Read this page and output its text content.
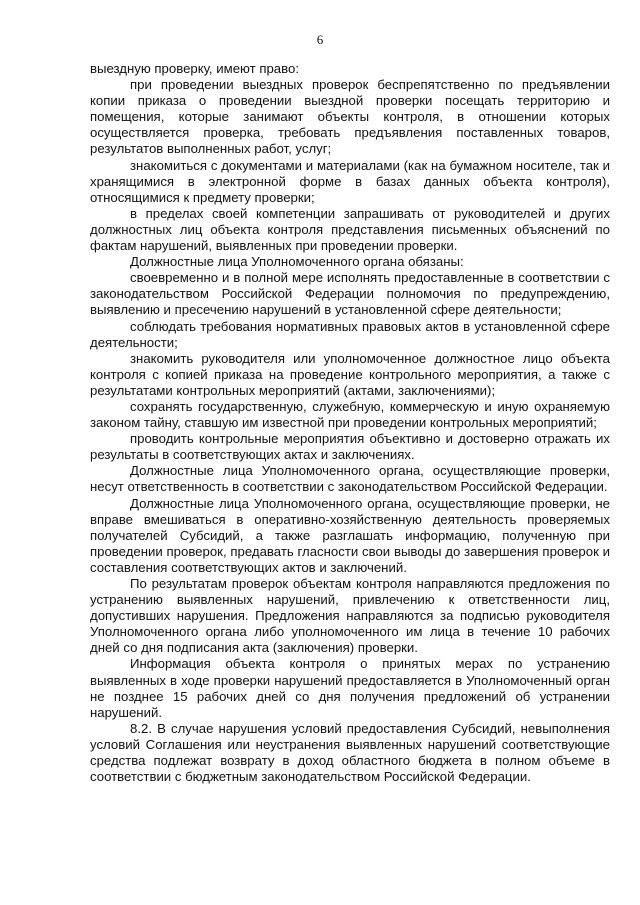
6

выездную проверку, имеют право:

при проведении выездных проверок беспрепятственно по предъявлении копии приказа о проведении выездной проверки посещать территорию и помещения, которые занимают объекты контроля, в отношении которых осуществляется проверка, требовать предъявления поставленных товаров, результатов выполненных работ, услуг;

знакомиться с документами и материалами (как на бумажном носителе, так и хранящимися в электронной форме в базах данных объекта контроля), относящимися к предмету проверки;

в пределах своей компетенции запрашивать от руководителей и других должностных лиц объекта контроля представления письменных объяснений по фактам нарушений, выявленных при проведении проверки.

Должностные лица Уполномоченного органа обязаны:

своевременно и в полной мере исполнять предоставленные в соответствии с законодательством Российской Федерации полномочия по предупреждению, выявлению и пресечению нарушений в установленной сфере деятельности;

соблюдать требования нормативных правовых актов в установленной сфере деятельности;

знакомить руководителя или уполномоченное должностное лицо объекта контроля с копией приказа на проведение контрольного мероприятия, а также с результатами контрольных мероприятий (актами, заключениями);

сохранять государственную, служебную, коммерческую и иную охраняемую законом тайну, ставшую им известной при проведении контрольных мероприятий;

проводить контрольные мероприятия объективно и достоверно отражать их результаты в соответствующих актах и заключениях.

Должностные лица Уполномоченного органа, осуществляющие проверки, несут ответственность в соответствии с законодательством Российской Федерации.

Должностные лица Уполномоченного органа, осуществляющие проверки, не вправе вмешиваться в оперативно-хозяйственную деятельность проверяемых получателей Субсидий, а также разглашать информацию, полученную при проведении проверок, предавать гласности свои выводы до завершения проверок и составления соответствующих актов и заключений.

По результатам проверок объектам контроля направляются предложения по устранению выявленных нарушений, привлечению к ответственности лиц, допустивших нарушения. Предложения направляются за подписью руководителя Уполномоченного органа либо уполномоченного им лица в течение 10 рабочих дней со дня подписания акта (заключения) проверки.

Информация объекта контроля о принятых мерах по устранению выявленных в ходе проверки нарушений предоставляется в Уполномоченный орган не позднее 15 рабочих дней со дня получения предложений об устранении нарушений.

8.2. В случае нарушения условий предоставления Субсидий, невыполнения условий Соглашения или неустранения выявленных нарушений соответствующие средства подлежат возврату в доход областного бюджета в полном объеме в соответствии с бюджетным законодательством Российской Федерации.
